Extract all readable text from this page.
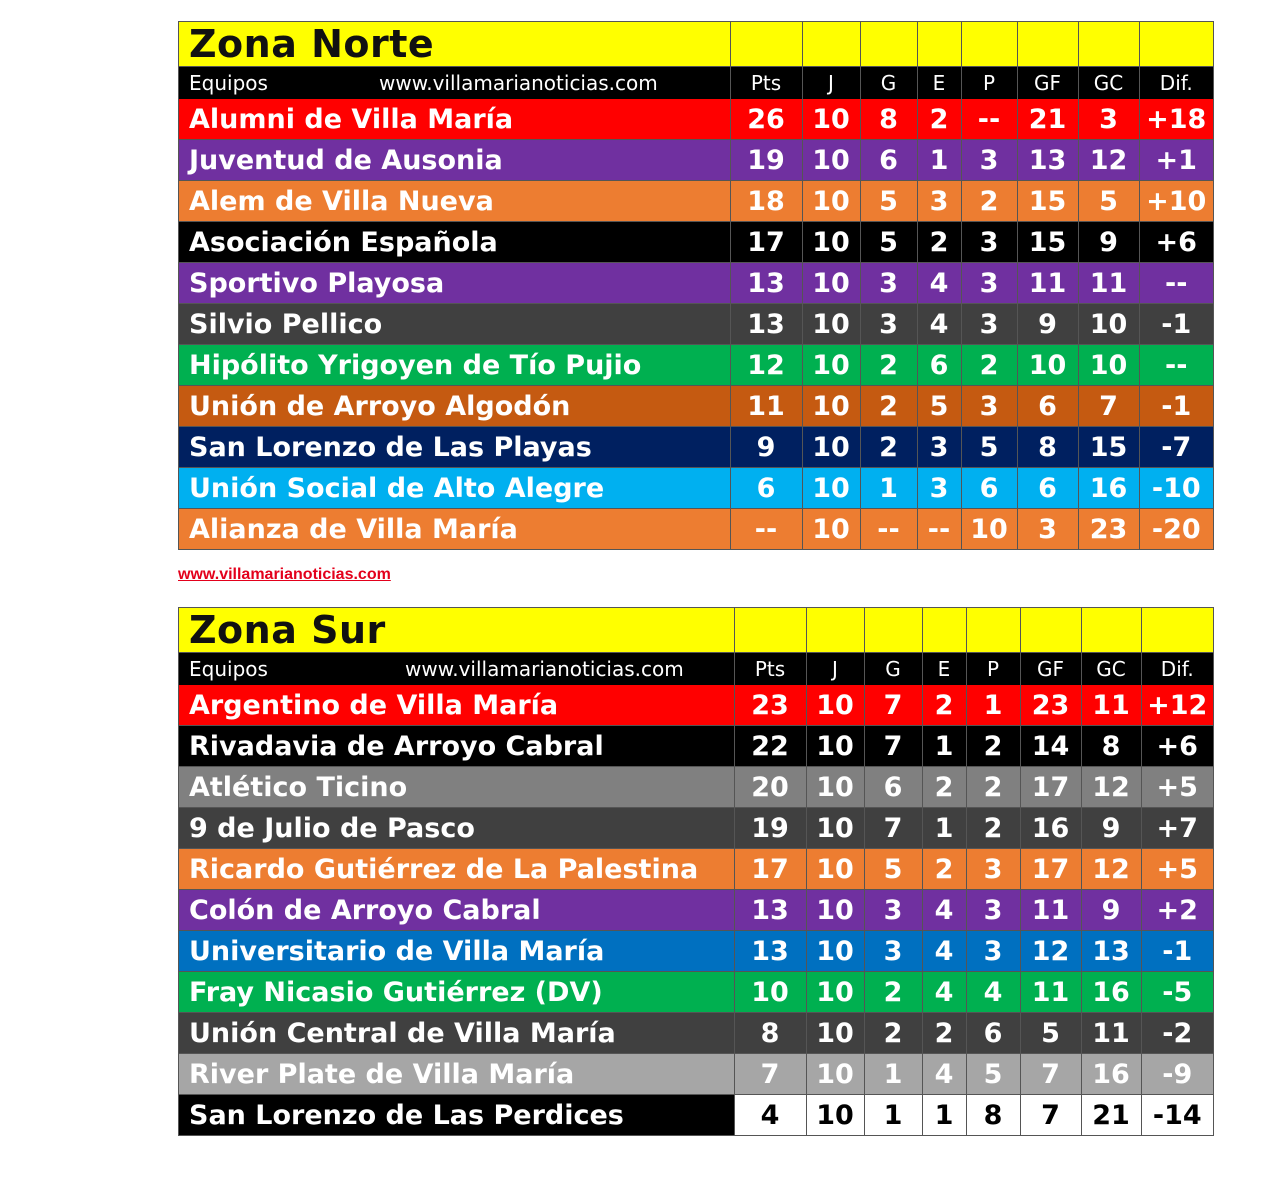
Zona Norte								
Equipos www.villamarianoticias.com	Pts	J	G	E	P	GF	GC	Dif.
Alumni de Villa María	26	10	8	2	--	21	3	+18
Juventud de Ausonia	19	10	6	1	3	13	12	+1
Alem de Villa Nueva	18	10	5	3	2	15	5	+10
Asociación Española	17	10	5	2	3	15	9	+6
Sportivo Playosa	13	10	3	4	3	11	11	--
Silvio Pellico	13	10	3	4	3	9	10	-1
Hipólito Yrigoyen de Tío Pujio	12	10	2	6	2	10	10	--
Unión de Arroyo Algodón	11	10	2	5	3	6	7	-1
San Lorenzo de Las Playas	9	10	2	3	5	8	15	-7
Unión Social de Alto Alegre	6	10	1	3	6	6	16	-10
Alianza de Villa María	--	10	--	--	10	3	23	-20
www.villamarianoticias.com
Zona Sur								
Equipos www.villamarianoticias.com	Pts	J	G	E	P	GF	GC	Dif.
Argentino de Villa María	23	10	7	2	1	23	11	+12
Rivadavia de Arroyo Cabral	22	10	7	1	2	14	8	+6
Atlético Ticino	20	10	6	2	2	17	12	+5
9 de Julio de Pasco	19	10	7	1	2	16	9	+7
Ricardo Gutiérrez de La Palestina	17	10	5	2	3	17	12	+5
Colón de Arroyo Cabral	13	10	3	4	3	11	9	+2
Universitario de Villa María	13	10	3	4	3	12	13	-1
Fray Nicasio Gutiérrez (DV)	10	10	2	4	4	11	16	-5
Unión Central de Villa María	8	10	2	2	6	5	11	-2
River Plate de Villa María	7	10	1	4	5	7	16	-9
San Lorenzo de Las Perdices	4	10	1	1	8	7	21	-14
